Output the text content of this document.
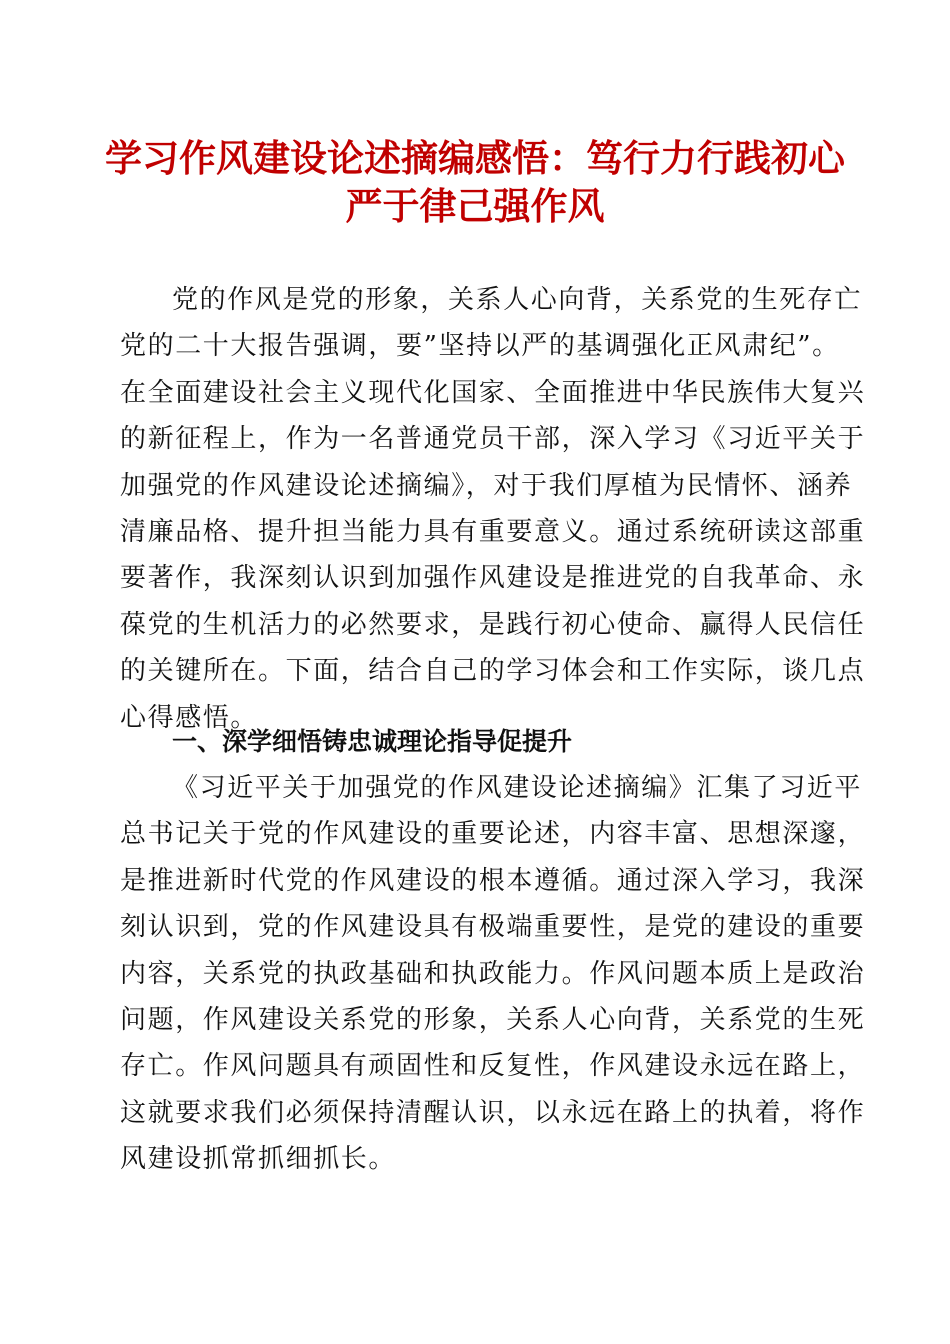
学习作风建设论述摘编感悟：笃行力行践初心
严于律己强作风
党的作风是党的形象，关系人心向背，关系党的生死存亡
党的二十大报告强调，要”坚持以严的基调强化正风肃纪”。
在全面建设社会主义现代化国家、全面推进中华民族伟大复兴
的新征程上，作为一名普通党员干部，深入学习《习近平关于
加强党的作风建设论述摘编》，对于我们厚植为民情怀、涵养
清廉品格、提升担当能力具有重要意义。通过系统研读这部重
要著作，我深刻认识到加强作风建设是推进党的自我革命、永
葆党的生机活力的必然要求，是践行初心使命、赢得人民信任
的关键所在。下面，结合自己的学习体会和工作实际，谈几点
心得感悟。
一、深学细悟铸忠诚理论指导促提升
《习近平关于加强党的作风建设论述摘编》汇集了习近平
总书记关于党的作风建设的重要论述，内容丰富、思想深邃，
是推进新时代党的作风建设的根本遵循。通过深入学习，我深
刻认识到，党的作风建设具有极端重要性，是党的建设的重要
内容，关系党的执政基础和执政能力。作风问题本质上是政治
问题，作风建设关系党的形象，关系人心向背，关系党的生死
存亡。作风问题具有顽固性和反复性，作风建设永远在路上，
这就要求我们必须保持清醒认识，以永远在路上的执着，将作
风建设抓常抓细抓长。
